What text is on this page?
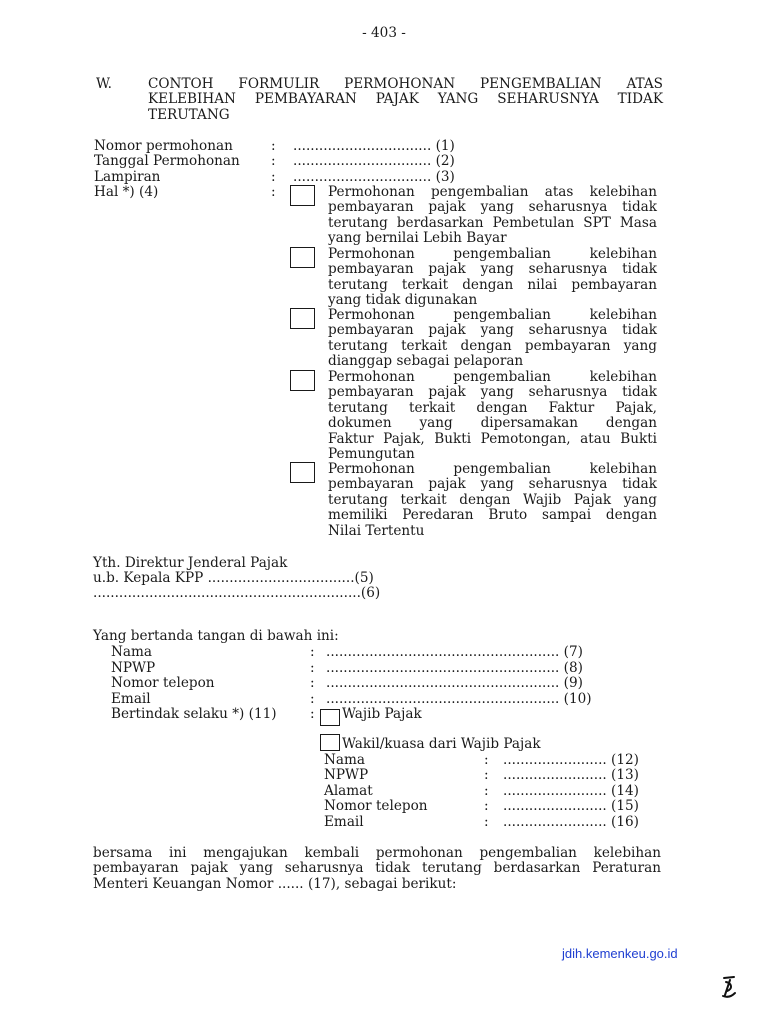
- 403 -
W.	CONTOH FORMULIR PERMOHONAN PENGEMBALIAN ATAS
KELEBIHAN PEMBAYARAN PAJAK YANG SEHARUSNYA TIDAK
TERUTANG
Nomor permohonan	: ................................ (1)
Tanggal Permohonan : ................................ (2)
Lampiran	: ................................ (3)
Hal *) (4)	:	Permohonan pengembalian atas kelebihan
pembayaran pajak yang seharusnya tidak
terutang berdasarkan Pembetulan SPT Masa
yang bernilai Lebih Bayar
Permohonan pengembalian kelebihan
pembayaran pajak yang seharusnya tidak
terutang terkait dengan nilai pembayaran
yang tidak digunakan
Permohonan pengembalian kelebihan
pembayaran pajak yang seharusnya tidak
terutang terkait dengan pembayaran yang
dianggap sebagai pelaporan
Permohonan pengembalian kelebihan
pembayaran pajak yang seharusnya tidak
terutang terkait dengan Faktur Pajak,
dokumen yang dipersamakan dengan
Faktur Pajak, Bukti Pemotongan, atau Bukti
Pemungutan
Permohonan pengembalian kelebihan
pembayaran pajak yang seharusnya tidak
terutang terkait dengan Wajib Pajak yang
memiliki Peredaran Bruto sampai dengan
Nilai Tertentu
Yth. Direktur Jenderal Pajak
u.b. Kepala KPP ..................................(5)
..............................................................(6)
Yang bertanda tangan di bawah ini:
Nama	: ...................................................... (7)
NPWP	: ...................................................... (8)
Nomor telepon	: ...................................................... (9)
Email	: ...................................................... (10)
Bertindak selaku *) (11) : Wajib Pajak
Wakil/kuasa dari Wajib Pajak
Nama	: ........................ (12)
NPWP	: ........................ (13)
Alamat	: ........................ (14)
Nomor telepon	: ........................ (15)
Email	: ........................ (16)
bersama ini mengajukan kembali permohonan pengembalian kelebihan
pembayaran pajak yang seharusnya tidak terutang berdasarkan Peraturan
Menteri Keuangan Nomor ...... (17), sebagai berikut:
jdih.kemenkeu.go.id
